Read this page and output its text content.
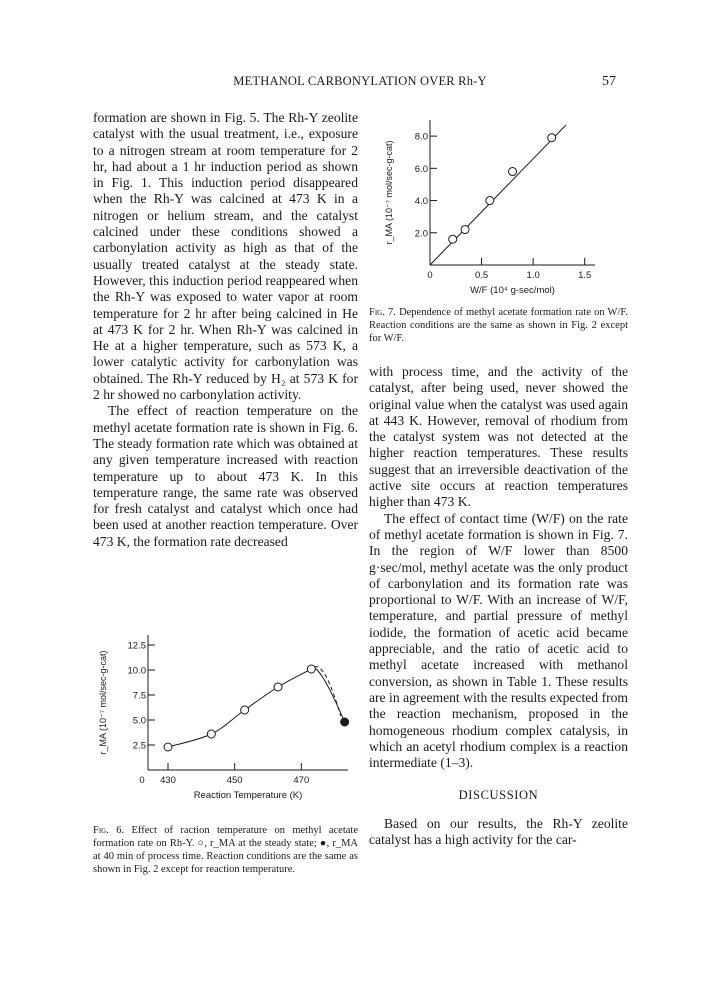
METHANOL CARBONYLATION OVER Rh-Y	57

formation are shown in Fig. 5. The Rh-Y zeolite catalyst with the usual treatment, i.e., exposure to a nitrogen stream at room temperature for 2 hr, had about a 1 hr induction period as shown in Fig. 1. This induction period disappeared when the Rh-Y was calcined at 473 K in a nitrogen or helium stream, and the catalyst calcined under these conditions showed a carbonylation activity as high as that of the usually treated catalyst at the steady state. However, this induction period reappeared when the Rh-Y was exposed to water vapor at room temperature for 2 hr after being calcined in He at 473 K for 2 hr. When Rh-Y was calcined in He at a higher temperature, such as 573 K, a lower catalytic activity for carbonylation was obtained. The Rh-Y reduced by H₂ at 573 K for 2 hr showed no carbonylation activity.

The effect of reaction temperature on the methyl acetate formation rate is shown in Fig. 6. The steady formation rate which was obtained at any given temperature increased with reaction temperature up to about 473 K. In this temperature range, the same rate was observed for fresh catalyst and catalyst which once had been used at another reaction temperature. Over 473 K, the formation rate decreased

2.0
4.0
6.0
8.0
0	0.5	1.0	1.5
W/F (10⁴ g-sec/mol)
r_MA (10⁻⁷ mol/sec-g-cat)
Fig. 7. Dependence of methyl acetate formation rate on W/F. Reaction conditions are the same as shown in Fig. 2 except for W/F.

with process time, and the activity of the catalyst, after being used, never showed the original value when the catalyst was used again at 443 K. However, removal of rhodium from the catalyst system was not detected at the higher reaction temperatures. These results suggest that an irreversible deactivation of the active site occurs at reaction temperatures higher than 473 K.

The effect of contact time (W/F) on the rate of methyl acetate formation is shown in Fig. 7. In the region of W/F lower than 8500 g·sec/mol, methyl acetate was the only product of carbonylation and its formation rate was proportional to W/F. With an increase of W/F, temperature, and partial pressure of methyl iodide, the formation of acetic acid became appreciable, and the ratio of acetic acid to methyl acetate increased with methanol conversion, as shown in Table 1. These results are in agreement with the results expected from the reaction mechanism, proposed in the homogeneous rhodium complex catalysis, in which an acetyl rhodium complex is a reaction intermediate (1–3).

DISCUSSION

Based on our results, the Rh-Y zeolite catalyst has a high activity for the car-

2.5
5.0
7.5
10.0
12.5
430	450	470
0
Reaction Temperature (K)
r_MA (10⁻⁷ mol/sec-g-cat)
Fig. 6. Effect of raction temperature on methyl acetate formation rate on Rh-Y. ○, r_MA at the steady state; ●, r_MA at 40 min of process time. Reaction conditions are the same as shown in Fig. 2 except for reaction temperature.
